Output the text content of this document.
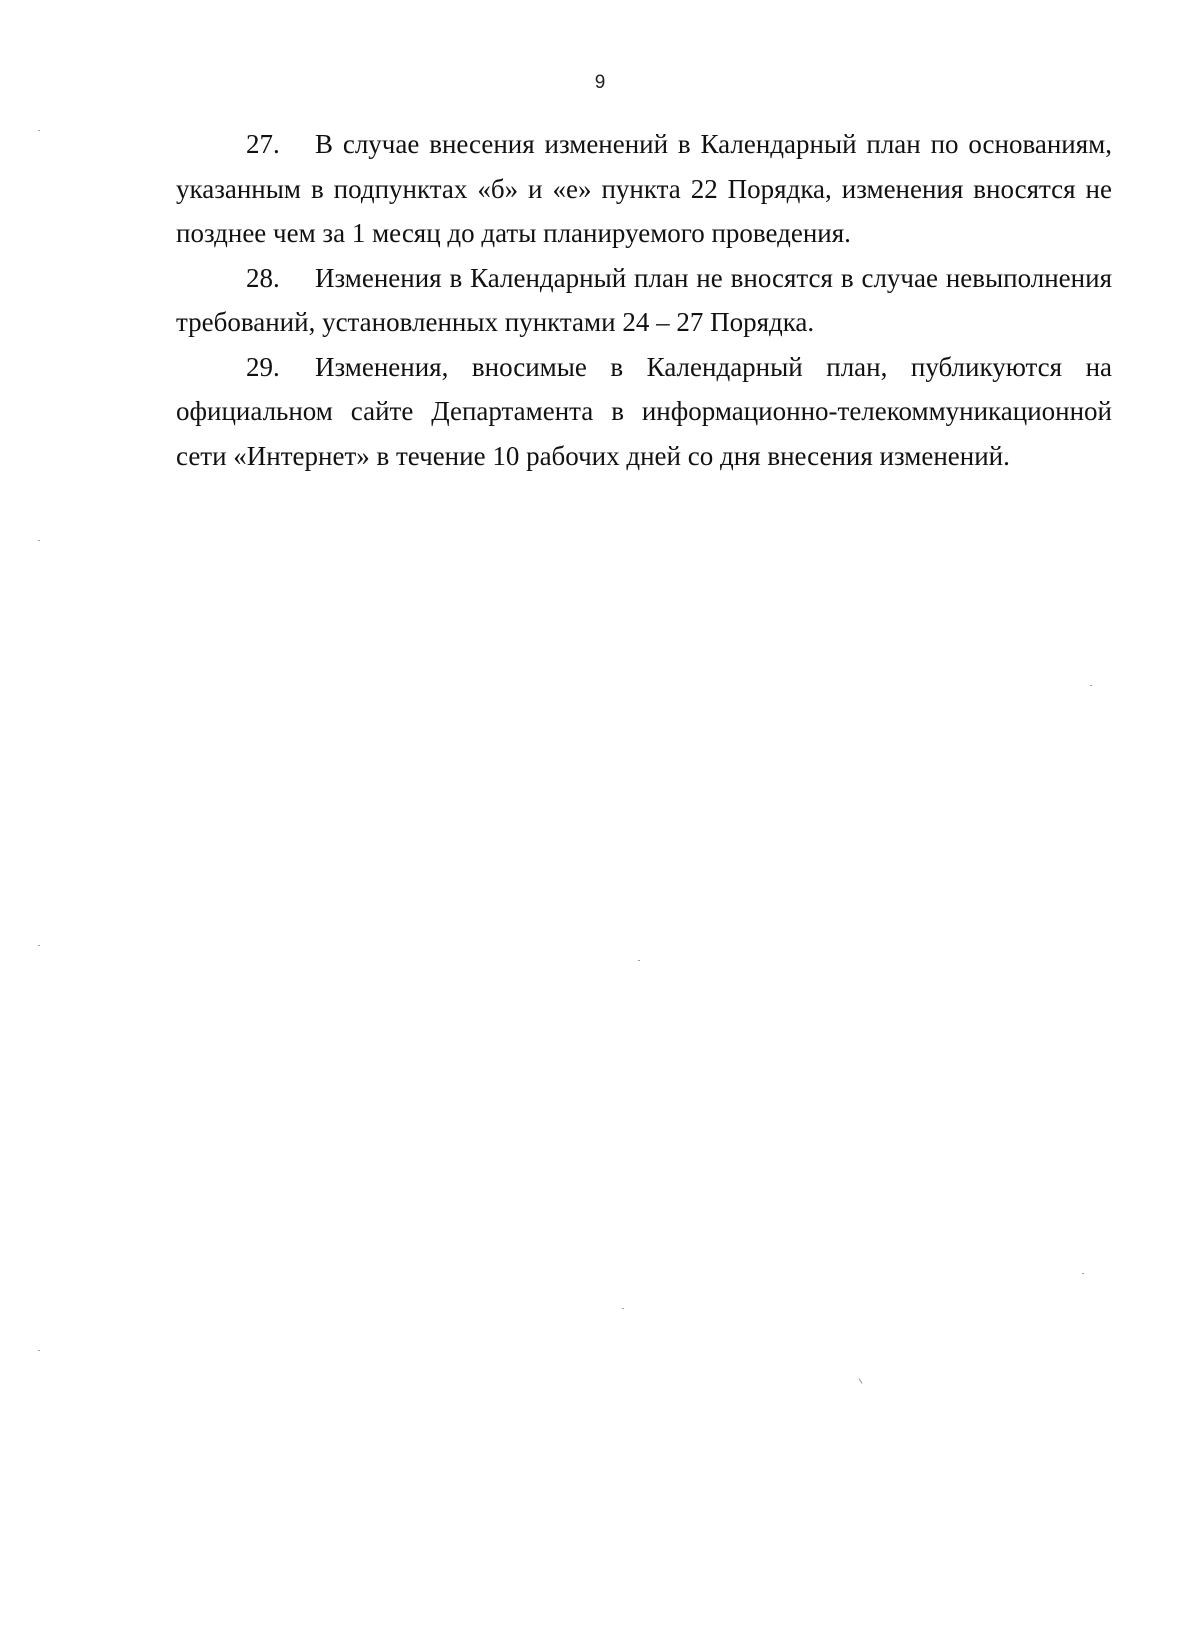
9

27. В случае внесения изменений в Календарный план по основаниям, указанным в подпунктах «б» и «е» пункта 22 Порядка, изменения вносятся не позднее чем за 1 месяц до даты планируемого проведения.

28. Изменения в Календарный план не вносятся в случае невыполнения требований, установленных пунктами 24 – 27 Порядка.

29. Изменения, вносимые в Календарный план, публикуются на официальном сайте Департамента в информационно-телекоммуникационной сети «Интернет» в течение 10 рабочих дней со дня внесения изменений.
